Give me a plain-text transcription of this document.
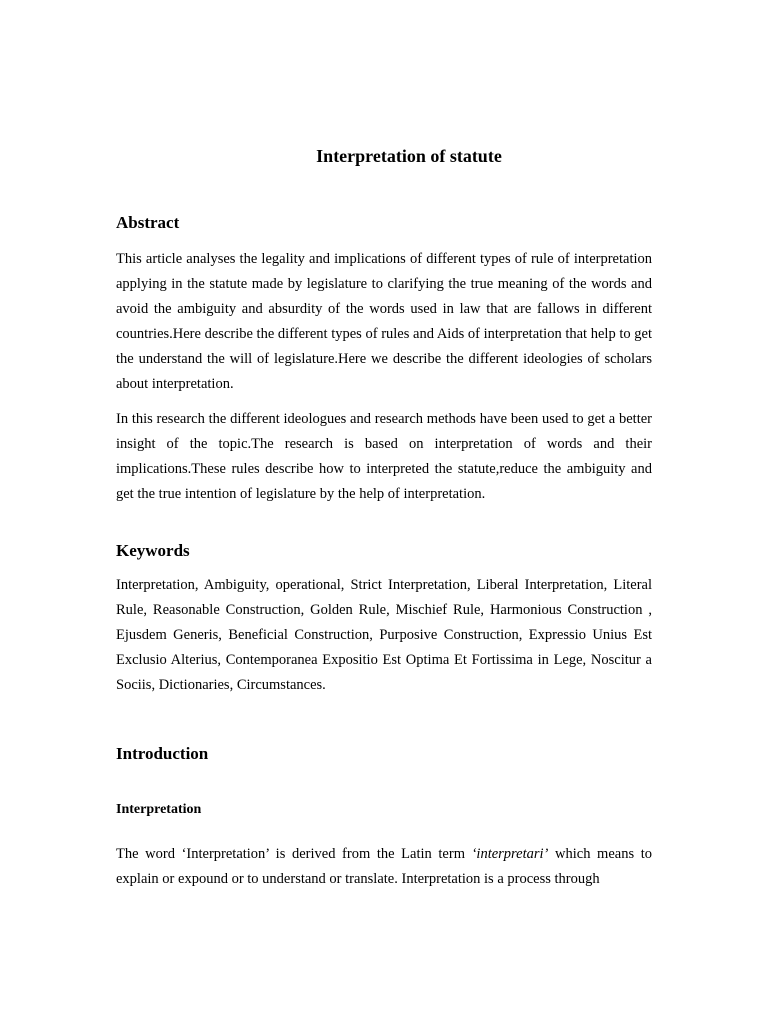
Interpretation of statute
Abstract

This article analyses the legality and implications of different types of rule of interpretation applying in the statute made by legislature to clarifying the true meaning of the words and avoid the ambiguity and absurdity of the words used in law that are fallows in different countries.Here describe the different types of rules and Aids of interpretation that help to get the understand the will of legislature.Here we describe the different ideologies of scholars about interpretation.

In this research the different ideologues and research methods have been used to get a better insight of the topic.The research is based on interpretation of words and their implications.These rules describe how to interpreted the statute,reduce the ambiguity and get the true intention of legislature by the help of interpretation.

Keywords

Interpretation, Ambiguity, operational, Strict Interpretation, Liberal Interpretation, Literal Rule, Reasonable Construction, Golden Rule, Mischief Rule, Harmonious Construction , Ejusdem Generis, Beneficial Construction, Purposive Construction, Expressio Unius Est Exclusio Alterius, Contemporanea Expositio Est Optima Et Fortissima in Lege, Noscitur a Sociis, Dictionaries, Circumstances.

Introduction
Interpretation

The word ‘Interpretation’ is derived from the Latin term ‘interpretari’ which means to explain or expound or to understand or translate. Interpretation is a process through
